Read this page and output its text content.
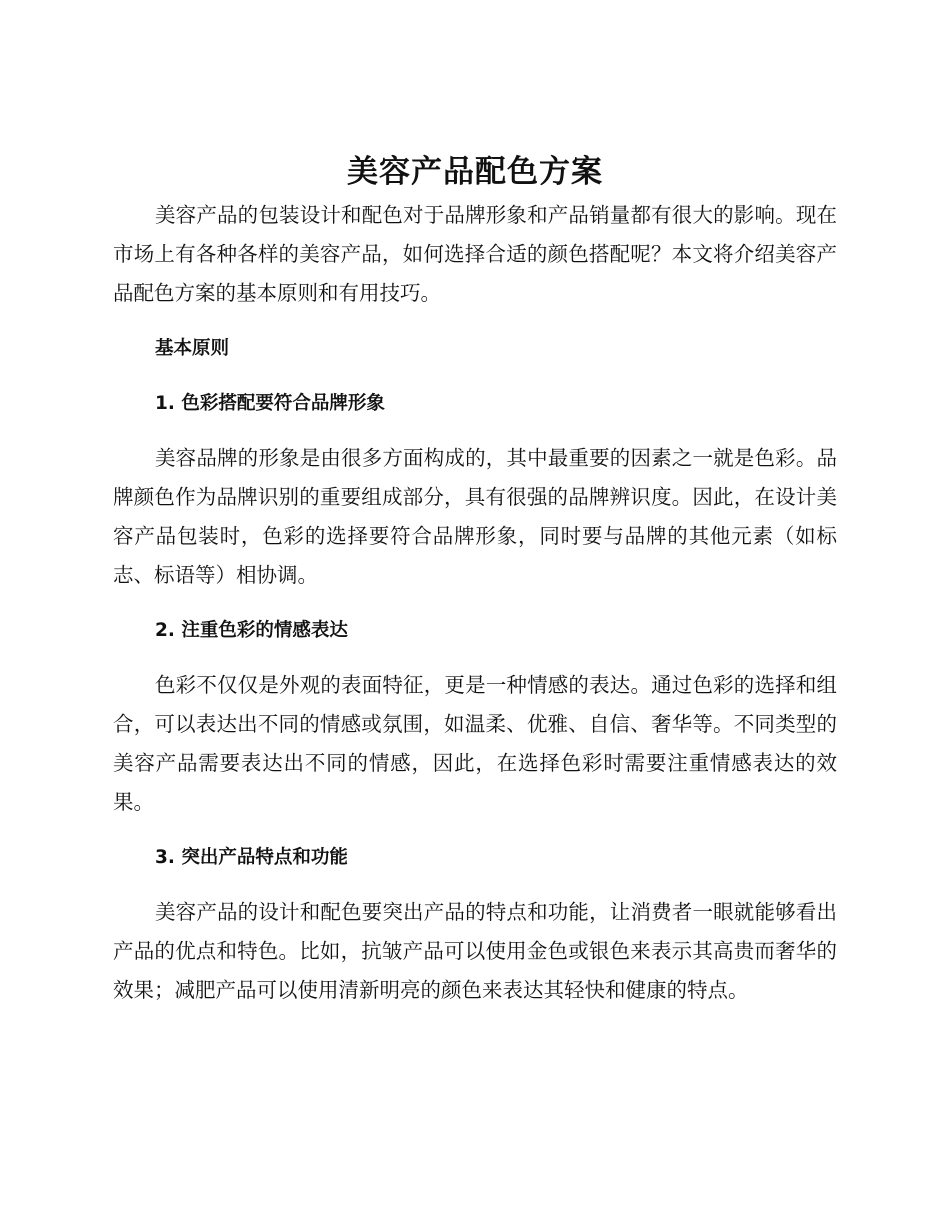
美容产品配色方案

美容产品的包装设计和配色对于品牌形象和产品销量都有很大的影响。现在市场上有各种各样的美容产品，如何选择合适的颜色搭配呢？本文将介绍美容产品配色方案的基本原则和有用技巧。

基本原则
1. 色彩搭配要符合品牌形象

美容品牌的形象是由很多方面构成的，其中最重要的因素之一就是色彩。品牌颜色作为品牌识别的重要组成部分，具有很强的品牌辨识度。因此，在设计美容产品包装时，色彩的选择要符合品牌形象，同时要与品牌的其他元素（如标志、标语等）相协调。

2. 注重色彩的情感表达

色彩不仅仅是外观的表面特征，更是一种情感的表达。通过色彩的选择和组合，可以表达出不同的情感或氛围，如温柔、优雅、自信、奢华等。不同类型的美容产品需要表达出不同的情感，因此，在选择色彩时需要注重情感表达的效果。

3. 突出产品特点和功能

美容产品的设计和配色要突出产品的特点和功能，让消费者一眼就能够看出产品的优点和特色。比如，抗皱产品可以使用金色或银色来表示其高贵而奢华的效果；减肥产品可以使用清新明亮的颜色来表达其轻快和健康的特点。
